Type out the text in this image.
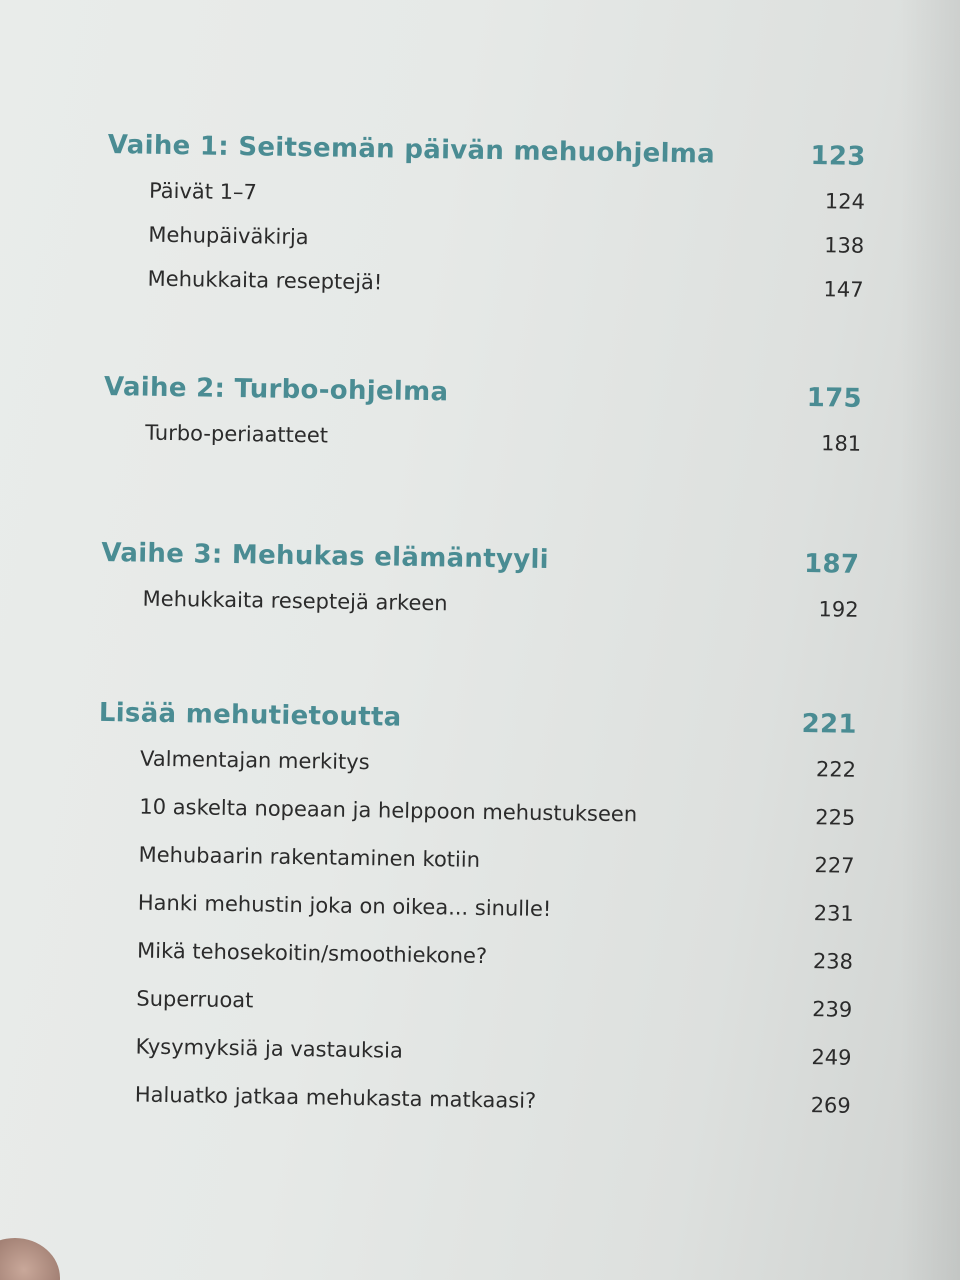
Vaihe 1: Seitsemän päivän mehuohjelma	123
Päivät 1–7	124
Mehupäiväkirja	138
Mehukkaita reseptejä!	147
Vaihe 2: Turbo-ohjelma	175
Turbo-periaatteet	181
Vaihe 3: Mehukas elämäntyyli	187
Mehukkaita reseptejä arkeen	192
Lisää mehutietoutta	221
Valmentajan merkitys	222
10 askelta nopeaan ja helppoon mehustukseen	225
Mehubaarin rakentaminen kotiin	227
Hanki mehustin joka on oikea... sinulle!	231
Mikä tehosekoitin/smoothiekone?	238
Superruoat	239
Kysymyksiä ja vastauksia	249
Haluatko jatkaa mehukasta matkaasi?	269
